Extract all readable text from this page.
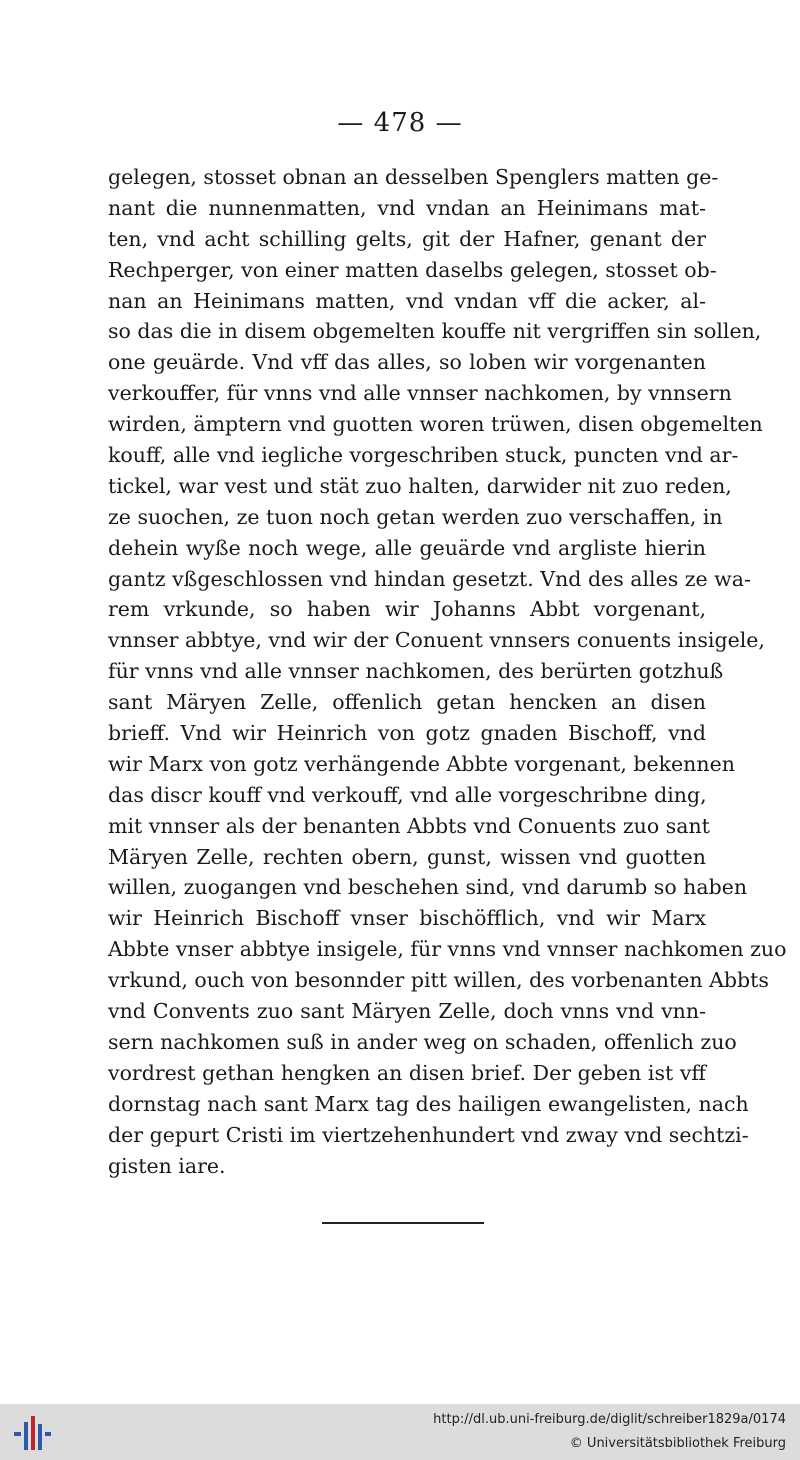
— 478 —
gelegen, stosset obnan an desselben Spenglers matten ge-
nant die nunnenmatten, vnd vndan an Heinimans mat-
ten, vnd acht schilling gelts, git der Hafner, genant der
Rechperger, von einer matten daselbs gelegen, stosset ob-
nan an Heinimans matten, vnd vndan vff die acker, al-
so das die in disem obgemelten kouffe nit vergriffen sin sollen,
one geuärde. Vnd vff das alles, so loben wir vorgenanten
verkouffer, für vnns vnd alle vnnser nachkomen, by vnnsern
wirden, ämptern vnd guotten woren trüwen, disen obgemelten
kouff, alle vnd iegliche vorgeschriben stuck, puncten vnd ar-
tickel, war vest und stät zuo halten, darwider nit zuo reden,
ze suochen, ze tuon noch getan werden zuo verschaffen, in
dehein wyße noch wege, alle geuärde vnd argliste hierin
gantz vßgeschlossen vnd hindan gesetzt. Vnd des alles ze wa-
rem vrkunde, so haben wir Johanns Abbt vorgenant,
vnnser abbtye, vnd wir der Conuent vnnsers conuents insigele,
für vnns vnd alle vnnser nachkomen, des berürten gotzhuß
sant Märyen Zelle, offenlich getan hencken an disen
brieff. Vnd wir Heinrich von gotz gnaden Bischoff, vnd
wir Marx von gotz verhängende Abbte vorgenant, bekennen
das discr kouff vnd verkouff, vnd alle vorgeschribne ding,
mit vnnser als der benanten Abbts vnd Conuents zuo sant
Märyen Zelle, rechten obern, gunst, wissen vnd guotten
willen, zuogangen vnd beschehen sind, vnd darumb so haben
wir Heinrich Bischoff vnser bischöfflich, vnd wir Marx
Abbte vnser abbtye insigele, für vnns vnd vnnser nachkomen zuo
vrkund, ouch von besonnder pitt willen, des vorbenanten Abbts
vnd Convents zuo sant Märyen Zelle, doch vnns vnd vnn-
sern nachkomen suß in ander weg on schaden, offenlich zuo
vordrest gethan hengken an disen brief. Der geben ist vff
dornstag nach sant Marx tag des hailigen ewangelisten, nach
der gepurt Cristi im viertzehenhundert vnd zway vnd sechtzi-
gisten iare.
http://dl.ub.uni-freiburg.de/diglit/schreiber1829a/0174
© Universitätsbibliothek Freiburg
